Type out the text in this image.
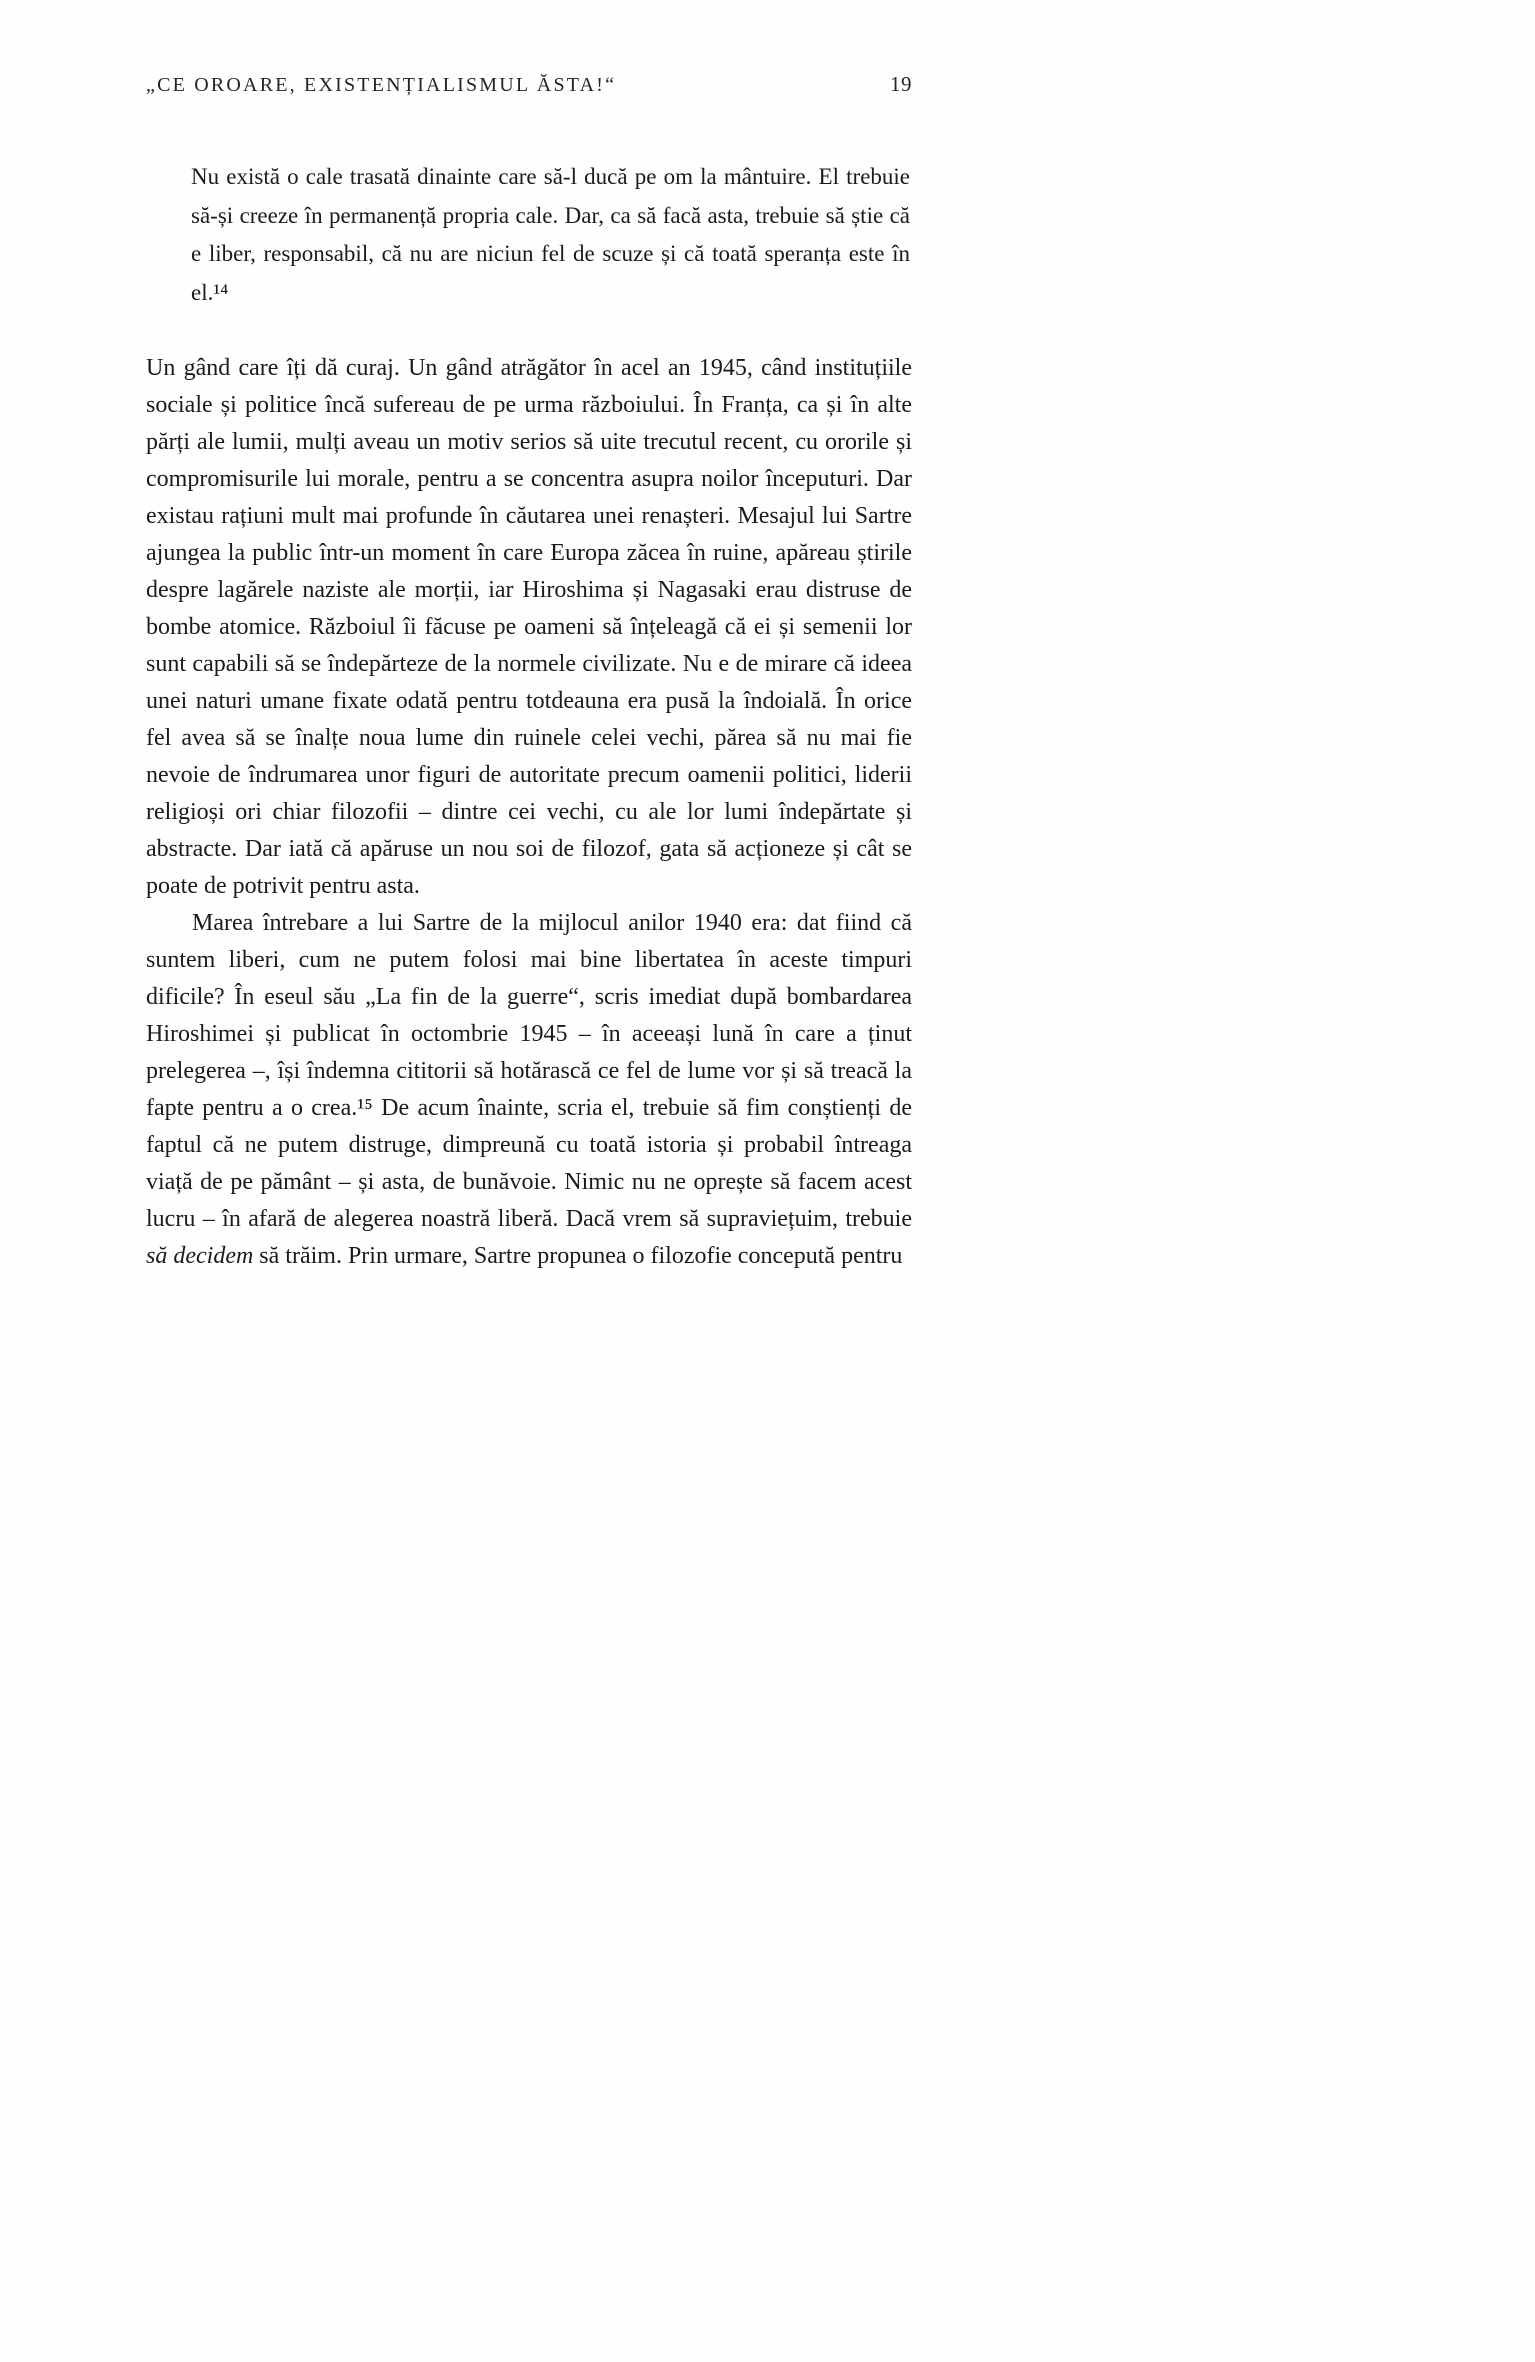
„CE OROARE, EXISTENȚIALISMUL ĂSTA!“	19
Nu există o cale trasată dinainte care să-l ducă pe om la mântuire. El trebuie să-și creeze în permanență propria cale. Dar, ca să facă asta, trebuie să știe că e liber, responsabil, că nu are niciun fel de scuze și că toată speranța este în el.¹⁴

Un gând care îți dă curaj. Un gând atrăgător în acel an 1945, când instituțiile sociale și politice încă sufereau de pe urma războiului. În Franța, ca și în alte părți ale lumii, mulți aveau un motiv serios să uite trecutul recent, cu ororile și compromisurile lui morale, pentru a se concentra asupra noilor începuturi. Dar existau rațiuni mult mai profunde în căutarea unei renașteri. Mesajul lui Sartre ajungea la public într-un moment în care Europa zăcea în ruine, apăreau știrile despre lagărele naziste ale morții, iar Hiroshima și Nagasaki erau distruse de bombe atomice. Războiul îi făcuse pe oameni să înțeleagă că ei și semenii lor sunt capabili să se îndepărteze de la normele civilizate. Nu e de mirare că ideea unei naturi umane fixate odată pentru totdeauna era pusă la îndoială. În orice fel avea să se înalțe noua lume din ruinele celei vechi, părea să nu mai fie nevoie de îndrumarea unor figuri de autoritate precum oamenii politici, liderii religioși ori chiar filozofii – dintre cei vechi, cu ale lor lumi îndepărtate și abstracte. Dar iată că apăruse un nou soi de filozof, gata să acționeze și cât se poate de potrivit pentru asta.

Marea întrebare a lui Sartre de la mijlocul anilor 1940 era: dat fiind că suntem liberi, cum ne putem folosi mai bine libertatea în aceste timpuri dificile? În eseul său „La fin de la guerre“, scris imediat după bombardarea Hiroshimei și publicat în octombrie 1945 – în aceeași lună în care a ținut prelegerea –, își îndemna cititorii să hotărască ce fel de lume vor și să treacă la fapte pentru a o crea.¹⁵ De acum înainte, scria el, trebuie să fim conștienți de faptul că ne putem distruge, dimpreună cu toată istoria și probabil întreaga viață de pe pământ – și asta, de bunăvoie. Nimic nu ne oprește să facem acest lucru – în afară de alegerea noastră liberă. Dacă vrem să supraviețuim, trebuie să decidem să trăim. Prin urmare, Sartre propunea o filozofie concepută pentru
